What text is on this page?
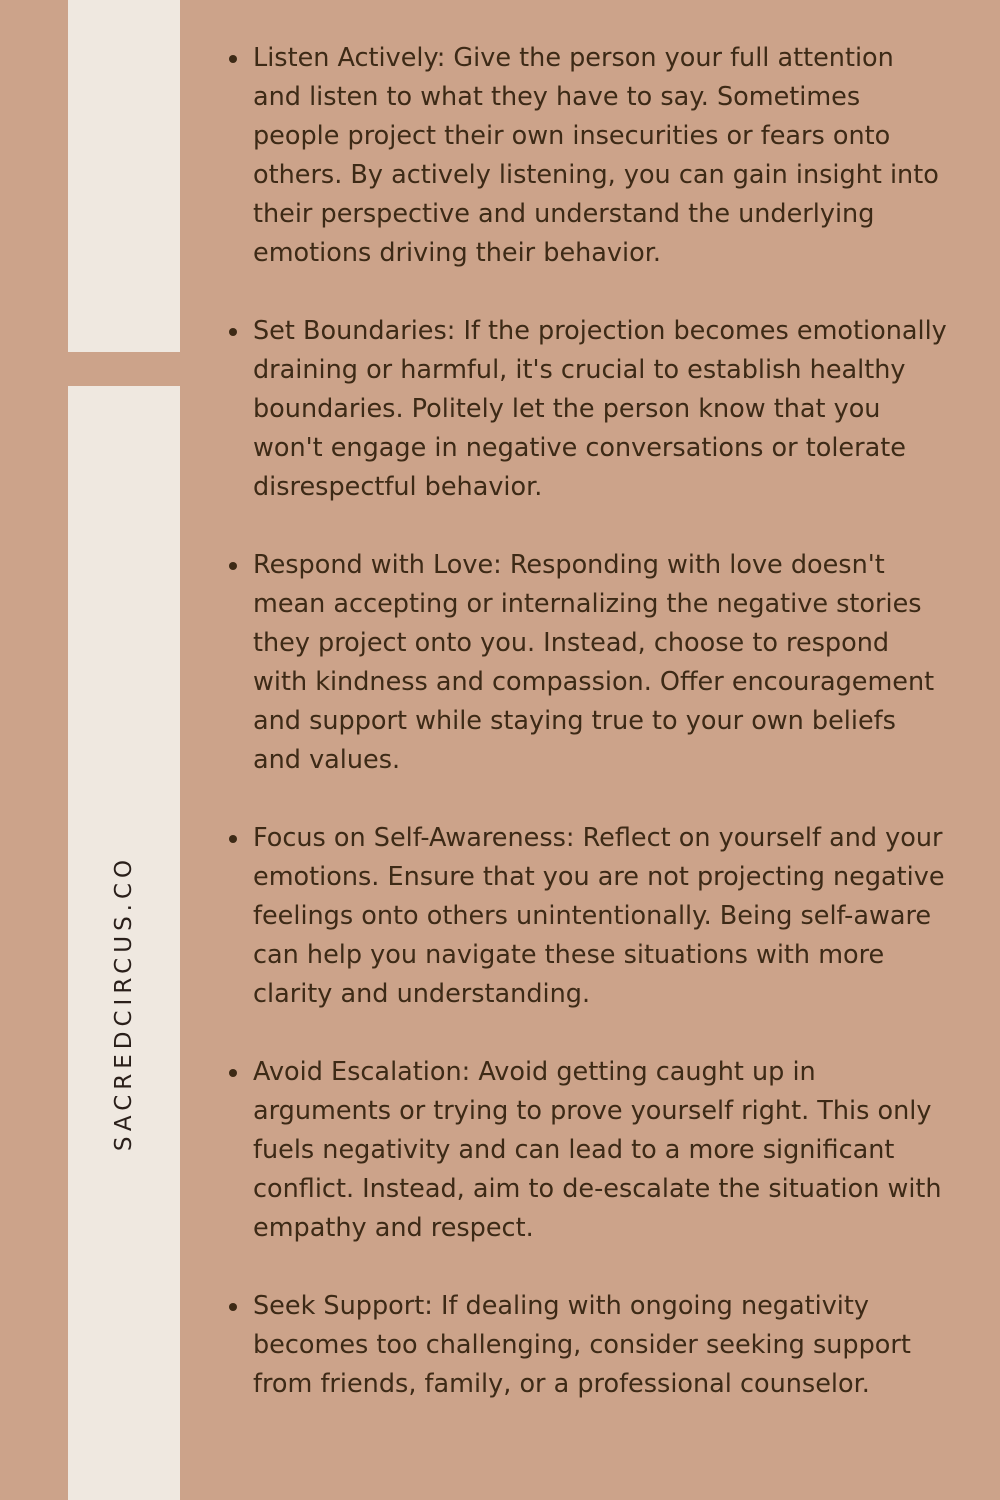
SACREDCIRCUS.CO
Listen Actively: Give the person your full attention and listen to what they have to say. Sometimes people project their own insecurities or fears onto others. By actively listening, you can gain insight into their perspective and understand the underlying emotions driving their behavior.
Set Boundaries: If the projection becomes emotionally draining or harmful, it's crucial to establish healthy boundaries. Politely let the person know that you won't engage in negative conversations or tolerate disrespectful behavior.
Respond with Love: Responding with love doesn't mean accepting or internalizing the negative stories they project onto you. Instead, choose to respond with kindness and compassion. Offer encouragement and support while staying true to your own beliefs and values.
Focus on Self-Awareness: Reflect on yourself and your emotions. Ensure that you are not projecting negative feelings onto others unintentionally. Being self-aware can help you navigate these situations with more clarity and understanding.
Avoid Escalation: Avoid getting caught up in arguments or trying to prove yourself right. This only fuels negativity and can lead to a more significant conflict. Instead, aim to de-escalate the situation with empathy and respect.
Seek Support: If dealing with ongoing negativity becomes too challenging, consider seeking support from friends, family, or a professional counselor.
